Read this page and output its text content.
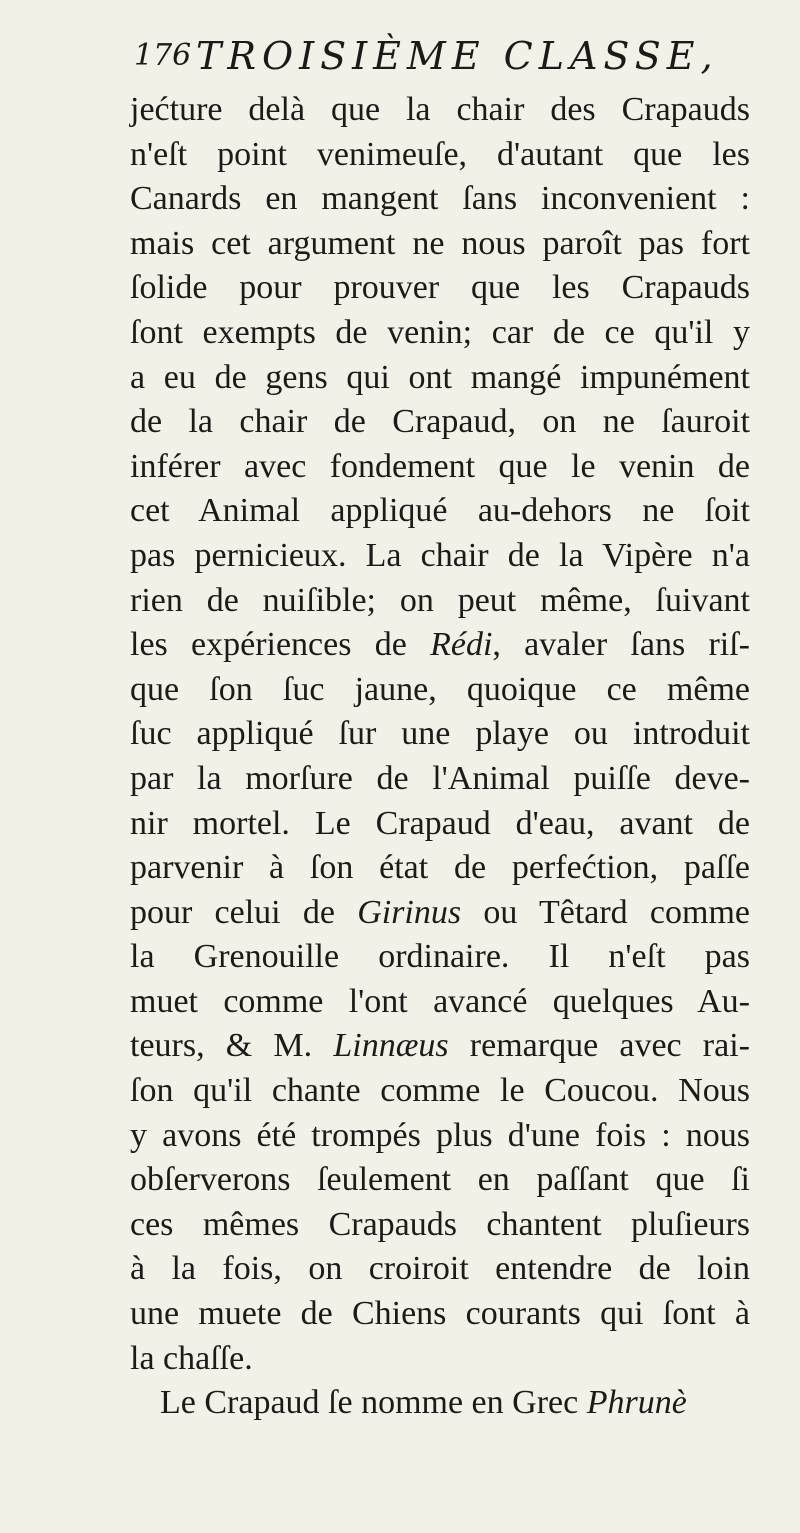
176 TROISIÈME CLASSE,
jećture delà que la chair des Crapauds
n'eſt point venimeuſe, d'autant que les
Canards en mangent ſans inconvenient :
mais cet argument ne nous paroît pas fort
ſolide pour prouver que les Crapauds
ſont exempts de venin; car de ce qu'il y
a eu de gens qui ont mangé impunément
de la chair de Crapaud, on ne ſauroit
inférer avec fondement que le venin de
cet Animal appliqué au-dehors ne ſoit
pas pernicieux. La chair de la Vipère n'a
rien de nuiſible; on peut même, ſuivant
les expériences de Rédi, avaler ſans riſ-
que ſon ſuc jaune, quoique ce même
ſuc appliqué ſur une playe ou introduit
par la morſure de l'Animal puiſſe deve-
nir mortel. Le Crapaud d'eau, avant de
parvenir à ſon état de perfećtion, paſſe
pour celui de Girinus ou Têtard comme
la Grenouille ordinaire. Il n'eſt pas
muet comme l'ont avancé quelques Au-
teurs, & M. Linnæus remarque avec rai-
ſon qu'il chante comme le Coucou. Nous
y avons été trompés plus d'une fois : nous
obſerverons ſeulement en paſſant que ſi
ces mêmes Crapauds chantent pluſieurs
à la fois, on croiroit entendre de loin
une muete de Chiens courants qui ſont à
la chaſſe.
Le Crapaud ſe nomme en Grec Phrunè
